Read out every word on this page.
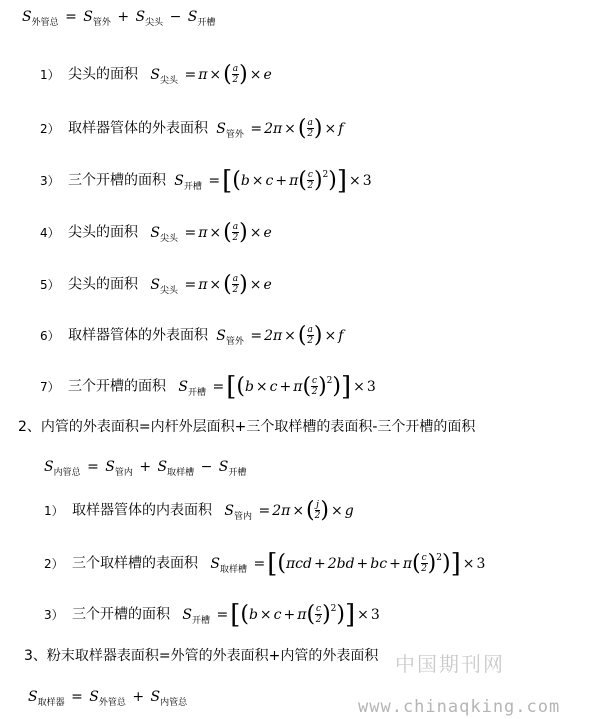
$S_{外管总} = S_{管外} + S_{尖头} - S_{开槽}$
1） 尖头的面积 $S_{尖头} = \pi$ ×( $\frac{a}{2}$ ) × e
2） 取样器管体的外表面积 $S_{管外} = 2\pi$ ×( $\frac{a}{2}$ ) × f
3） 三个开槽的面积 $S_{开槽} =[(b \times c + \pi( \frac{c}{2} )^2)] \times 3$
4） 尖头的面积 $S_{尖头} = \pi$ ×( $\frac{a}{2}$ ) × e
5） 尖头的面积 $S_{尖头} = \pi$ ×( $\frac{a}{2}$ ) × e
6） 取样器管体的外表面积 $S_{管外} = 2\pi$ ×( $\frac{a}{2}$ ) × f
7） 三个开槽的面积 $S_{开槽} =[(b \times c + \pi( \frac{c}{2} )^2)] \times 3$
2、内管的外表面积=内杆外层面积+三个取样槽的表面积-三个开槽的面积
$S_{内管总} = S_{管内} + S_{取样槽} - S_{开槽}$
1） 取样器管体的内表面积 $S_{管内} = 2\pi$ ×( $\frac{j}{2}$ ) × g
2） 三个取样槽的表面积 $S_{取样槽} =[(\pi cd + 2bd$ + bc + $\pi( \frac{c}{2} )^2)] \times 3$
3） 三个开槽的面积 $S_{开槽} =[(b \times c + \pi( \frac{c}{2} )^2)] \times 3$
3、粉末取样器表面积=外管的外表面积+内管的外表面积
$S_{取样器} = S_{外管总} + S_{内管总}$
中国期刊网
www.chinaqking.com
